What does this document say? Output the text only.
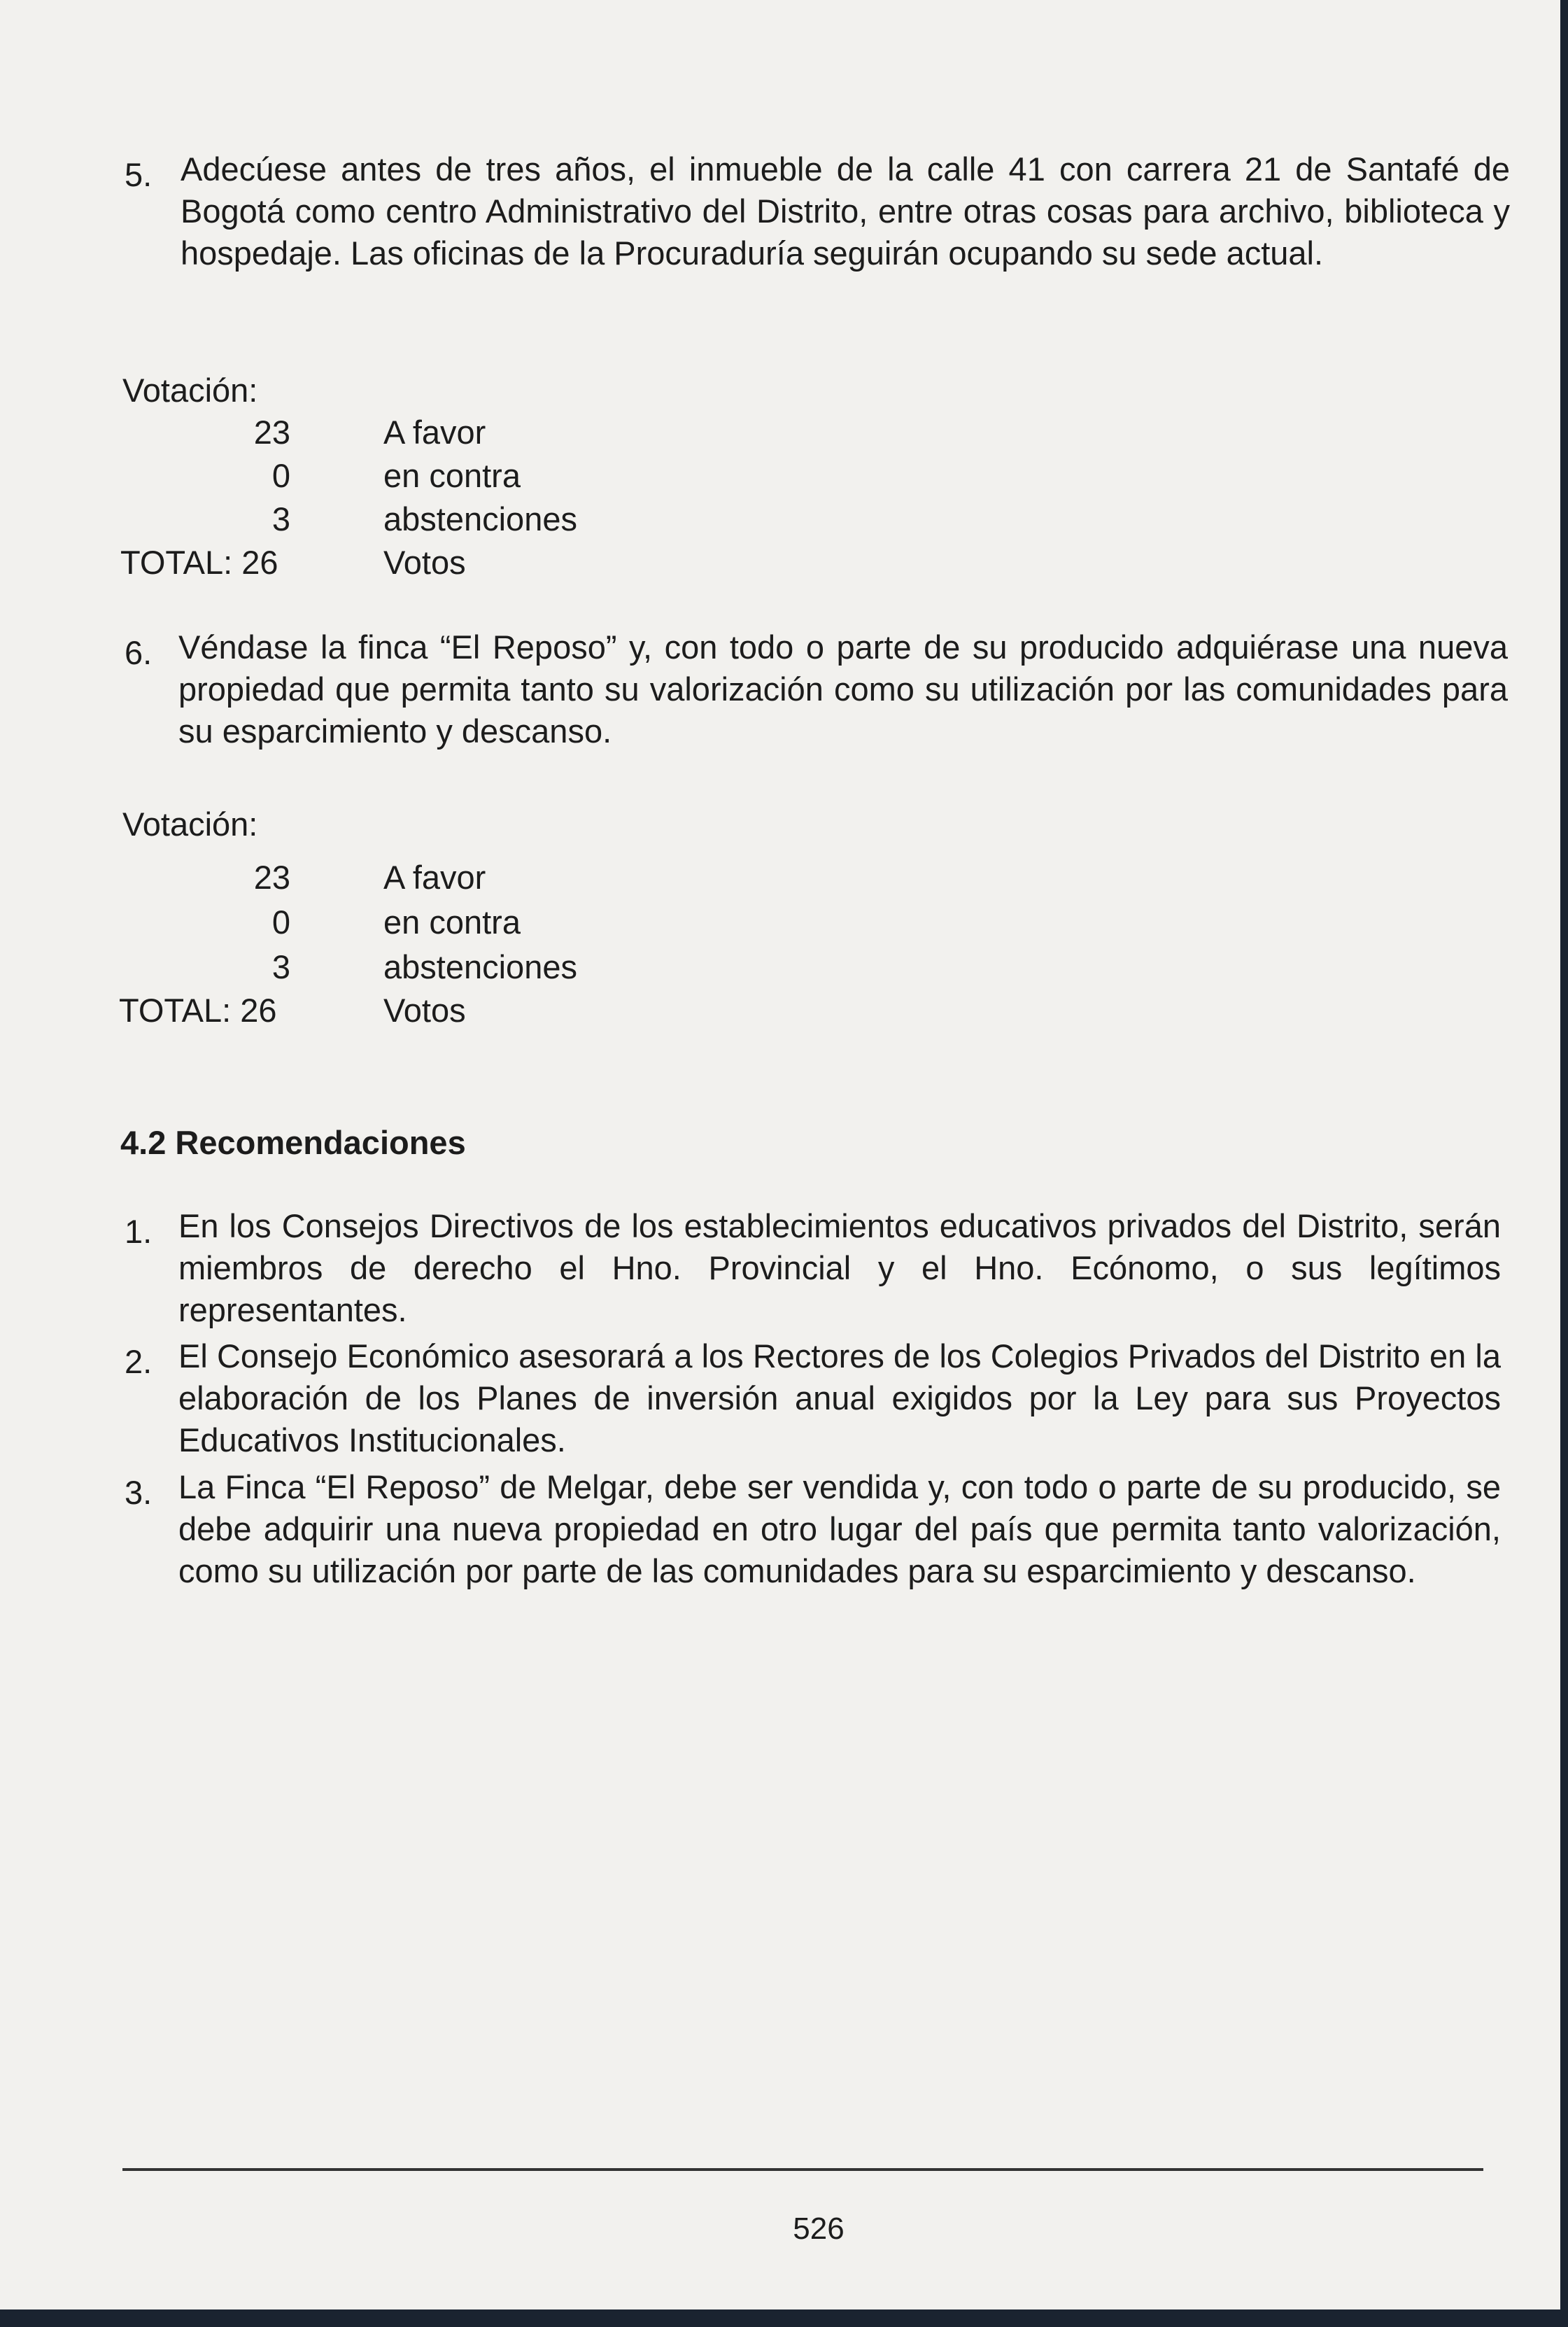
5. Adecúese antes de tres años, el inmueble de la calle 41 con carrera 21 de Santafé de Bogotá como centro Administrativo del Distrito, entre otras cosas para archivo, biblioteca y hospedaje. Las oficinas de la Procuraduría seguirán ocupando su sede actual.
Votación:
23	A favor
0	en contra
3	abstenciones
TOTAL: 26	Votos
6. Véndase la finca “El Reposo” y, con todo o parte de su producido adquiérase una nueva propiedad que permita tanto su valorización como su utilización por las comunidades para su esparcimiento y descanso.
Votación:
23	A favor
0	en contra
3	abstenciones
TOTAL: 26	Votos
4.2 Recomendaciones
1. En los Consejos Directivos de los establecimientos educativos privados del Distrito, serán miembros de derecho el Hno. Provincial y el Hno. Ecónomo, o sus legítimos representantes.
2. El Consejo Económico asesorará a los Rectores de los Colegios Privados del Distrito en la elaboración de los Planes de inversión anual exigidos por la Ley para sus Proyectos Educativos Institucionales.
3. La Finca “El Reposo” de Melgar, debe ser vendida y, con todo o parte de su producido, se debe adquirir una nueva propiedad en otro lugar del país que permita tanto valorización, como su utilización por parte de las comunidades para su esparcimiento y descanso.
526
